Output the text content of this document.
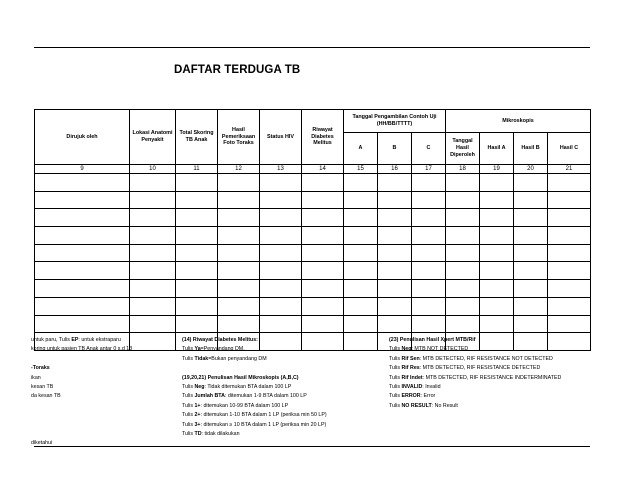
DAFTAR TERDUGA TB
Dirujuk oleh	Lokasi Anatomi Penyakit	Total Skoring TB Anak	Hasil Pemeriksaan Foto Toraks	Status HIV	Riwayat Diabetes Melitus	Tanggal Pengambilan Contoh Uji (HH/BB/TTTT)			Mikroskopis			
						A	B	C	Tanggal Hasil Diperoleh	Hasil A	Hasil B	Hasil C
9	10	11	12	13	14	15	16	17	18	19	20	21

untuk paru, Tulis EP: untuk ekstraparu
koring untuk pasien TB Anak antar 0 s.d 13
-Toraks
ikan
kesan TB
da kesan TB
diketahui
(14) Riwayat Diabetes Melitus:
Tulis Ya=Penyandang DM,
Tulis Tidak=Bukan penyandang DM
(19,20,21) Penulisan Hasil Mikroskopis (A,B,C)
Tulis Neg: Tidak ditemukan BTA dalam 100 LP
Tulis Jumlah BTA: ditemukan 1-9 BTA dalam 100 LP
Tulis 1+: ditemukan 10-99 BTA dalam 100 LP
Tulis 2+: ditemukan 1-10 BTA dalam 1 LP (periksa min 50 LP)
Tulis 3+: ditemukan ≥ 10 BTA dalam 1 LP (periksa min 20 LP)
Tulis TD: tidak dilakukan
(23) Penulisan Hasil Xpert MTB/Rif
Tulis Neg: MTB NOT DETECTED
Tulis Rif Sen: MTB DETECTED, RIF RESISTANCE NOT DETECTED
Tulis Rif Res: MTB DETECTED, RIF RESISTANCE DETECTED
Tulis Rif Indet: MTB DETECTED, RIF RESISTANCE INDETERMINATED
Tulis INVALID: Invalid
Tulis ERROR: Error
Tulis NO RESULT: No Result
